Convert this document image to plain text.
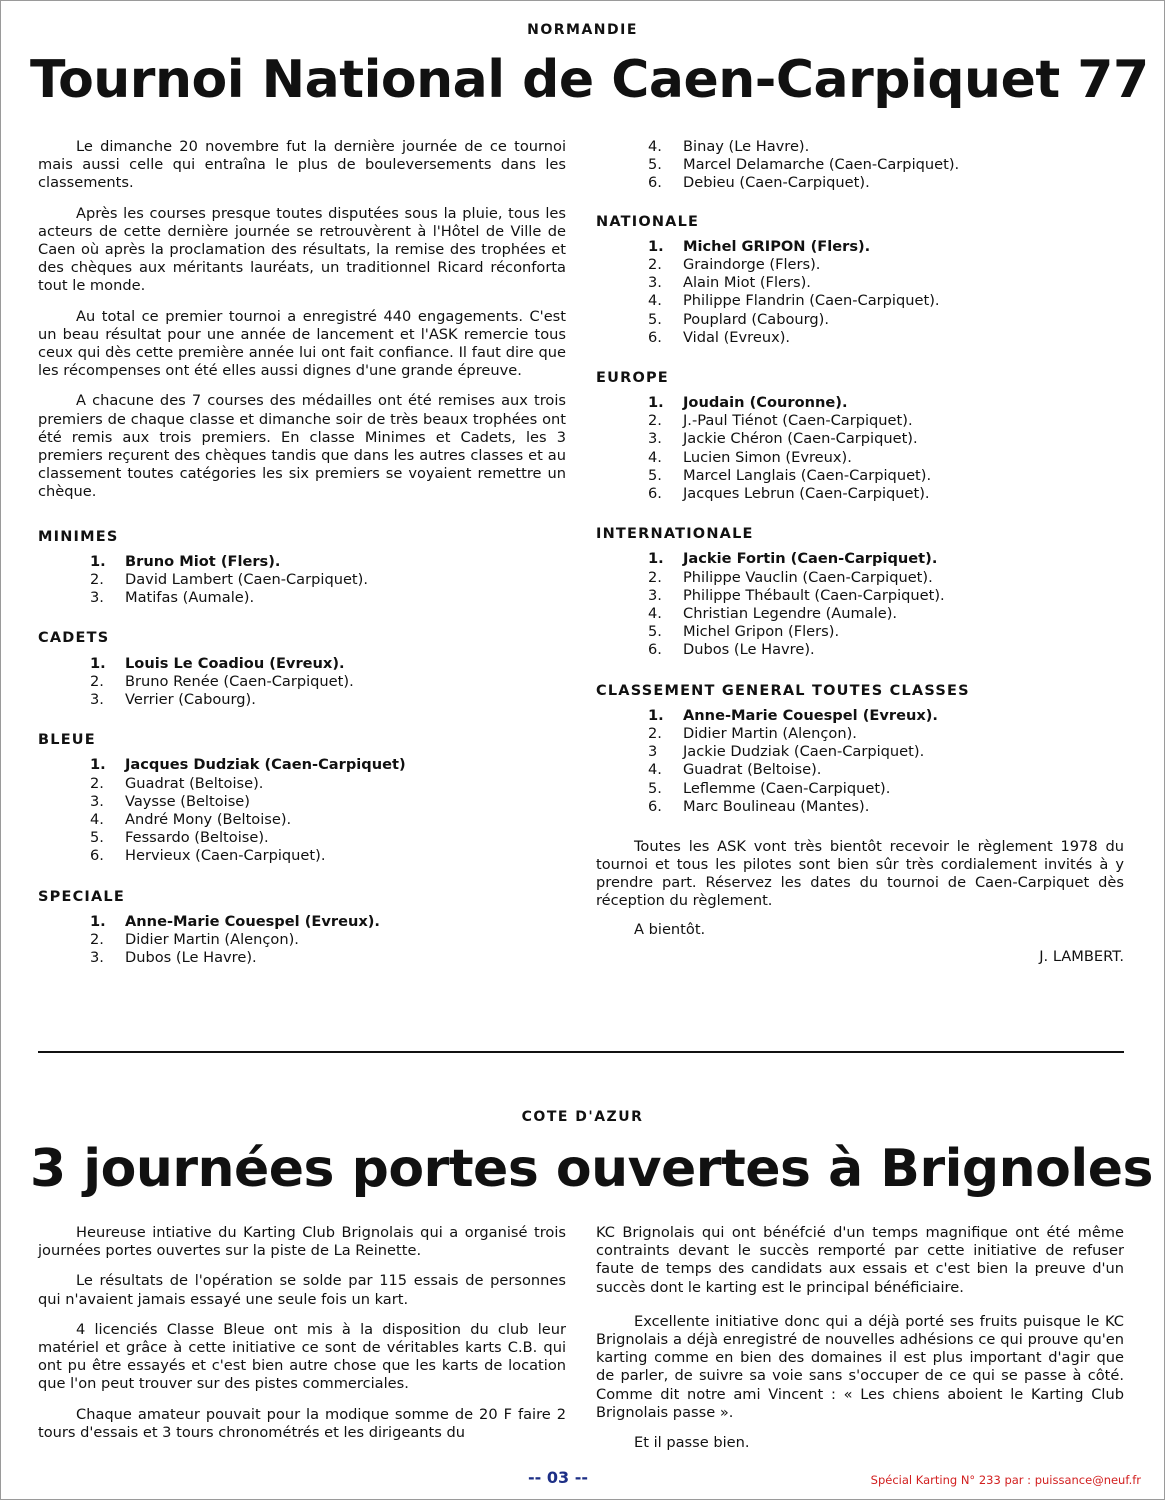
NORMANDIE
Tournoi National de Caen-Carpiquet 77

Le dimanche 20 novembre fut la dernière journée de ce tournoi mais aussi celle qui entraîna le plus de bouleversements dans les classements.

Après les courses presque toutes disputées sous la pluie, tous les acteurs de cette dernière journée se retrouvèrent à l'Hôtel de Ville de Caen où après la proclamation des résultats, la remise des trophées et des chèques aux méritants lauréats, un traditionnel Ricard réconforta tout le monde.

Au total ce premier tournoi a enregistré 440 engagements. C'est un beau résultat pour une année de lancement et l'ASK remercie tous ceux qui dès cette première année lui ont fait confiance. Il faut dire que les récompenses ont été elles aussi dignes d'une grande épreuve.

A chacune des 7 courses des médailles ont été remises aux trois premiers de chaque classe et dimanche soir de très beaux trophées ont été remis aux trois premiers. En classe Minimes et Cadets, les 3 premiers reçurent des chèques tandis que dans les autres classes et au classement toutes catégories les six premiers se voyaient remettre un chèque.

MINIMES
1. Bruno Miot (Flers).
2. David Lambert (Caen-Carpiquet).
3. Matifas (Aumale).
CADETS
1. Louis Le Coadiou (Evreux).
2. Bruno Renée (Caen-Carpiquet).
3. Verrier (Cabourg).
BLEUE
1. Jacques Dudziak (Caen-Carpiquet)
2. Guadrat (Beltoise).
3. Vaysse (Beltoise)
4. André Mony (Beltoise).
5. Fessardo (Beltoise).
6. Hervieux (Caen-Carpiquet).
SPECIALE
1. Anne-Marie Couespel (Evreux).
2. Didier Martin (Alençon).
3. Dubos (Le Havre).
4. Binay (Le Havre).
5. Marcel Delamarche (Caen-Carpiquet).
6. Debieu (Caen-Carpiquet).
NATIONALE
1. Michel GRIPON (Flers).
2. Graindorge (Flers).
3. Alain Miot (Flers).
4. Philippe Flandrin (Caen-Carpiquet).
5. Pouplard (Cabourg).
6. Vidal (Evreux).
EUROPE
1. Joudain (Couronne).
2. J.-Paul Tiénot (Caen-Carpiquet).
3. Jackie Chéron (Caen-Carpiquet).
4. Lucien Simon (Evreux).
5. Marcel Langlais (Caen-Carpiquet).
6. Jacques Lebrun (Caen-Carpiquet).
INTERNATIONALE
1. Jackie Fortin (Caen-Carpiquet).
2. Philippe Vauclin (Caen-Carpiquet).
3. Philippe Thébault (Caen-Carpiquet).
4. Christian Legendre (Aumale).
5. Michel Gripon (Flers).
6. Dubos (Le Havre).
CLASSEMENT GENERAL TOUTES CLASSES
1. Anne-Marie Couespel (Evreux).
2. Didier Martin (Alençon).
3 Jackie Dudziak (Caen-Carpiquet).
4. Guadrat (Beltoise).
5. Leflemme (Caen-Carpiquet).
6. Marc Boulineau (Mantes).

Toutes les ASK vont très bientôt recevoir le règlement 1978 du tournoi et tous les pilotes sont bien sûr très cordialement invités à y prendre part. Réservez les dates du tournoi de Caen-Carpiquet dès réception du règlement.

A bientôt.
J. LAMBERT.
COTE D'AZUR
3 journées portes ouvertes à Brignoles

Heureuse intiative du Karting Club Brignolais qui a organisé trois journées portes ouvertes sur la piste de La Reinette.

Le résultats de l'opération se solde par 115 essais de personnes qui n'avaient jamais essayé une seule fois un kart.

4 licenciés Classe Bleue ont mis à la disposition du club leur matériel et grâce à cette initiative ce sont de véritables karts C.B. qui ont pu être essayés et c'est bien autre chose que les karts de location que l'on peut trouver sur des pistes commerciales.

Chaque amateur pouvait pour la modique somme de 20 F faire 2 tours d'essais et 3 tours chronométrés et les dirigeants du

KC Brignolais qui ont bénéfcié d'un temps magnifique ont été même contraints devant le succès remporté par cette initiative de refuser faute de temps des candidats aux essais et c'est bien la preuve d'un succès dont le karting est le principal bénéficiaire.

Excellente initiative donc qui a déjà porté ses fruits puisque le KC Brignolais a déjà enregistré de nouvelles adhésions ce qui prouve qu'en karting comme en bien des domaines il est plus important d'agir que de parler, de suivre sa voie sans s'occuper de ce qui se passe à côté. Comme dit notre ami Vincent : « Les chiens aboient le Karting Club Brignolais passe ».

Et il passe bien.

-- 03 --	Spécial Karting N° 233 par : puissance@neuf.fr
